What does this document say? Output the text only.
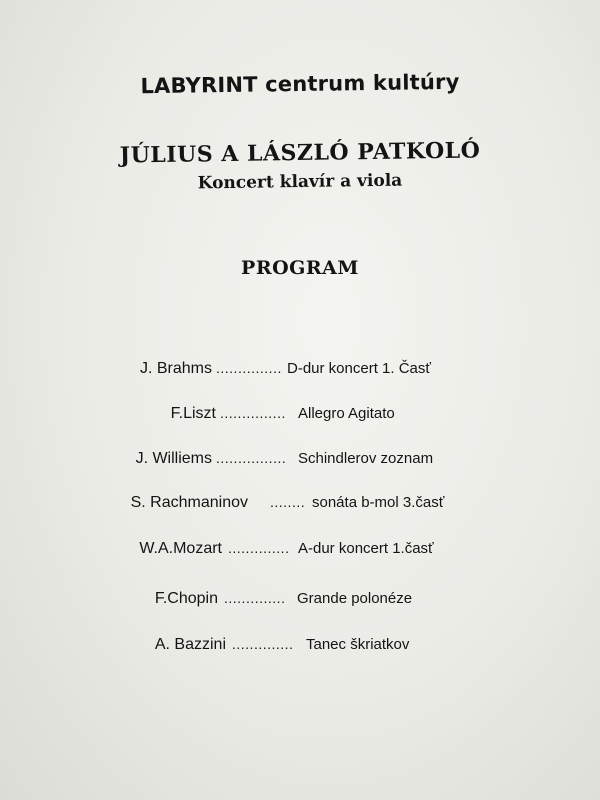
LABYRINT centrum kultúry
JÚLIUS A LÁSZLÓ PATKOLÓ
Koncert klavír a viola
PROGRAM
J. Brahms ............... D-dur koncert 1. Časť
F.Liszt ............... Allegro Agitato
J. Williems ................ Schindlerov zoznam
S. Rachmaninov ........ sonáta b-mol 3.časť
W.A.Mozart .............. A-dur koncert 1.časť
F.Chopin .............. Grande polonéze
A. Bazzini .............. Tanec škriatkov
